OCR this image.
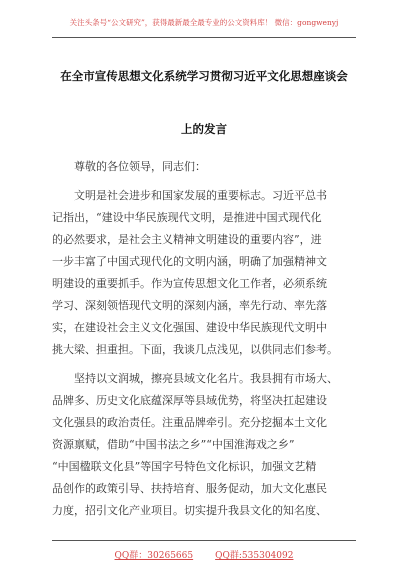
关注头条号“公文研究”，获得最新最全最专业的公文资料库！ 微信：gongwenyj
在全市宣传思想文化系统学习贯彻习近平文化思想座谈会
上的发言
尊敬的各位领导，同志们：
文明是社会进步和国家发展的重要标志。习近平总书
记指出，“建设中华民族现代文明，是推进中国式现代化
的必然要求，是社会主义精神文明建设的重要内容”，进
一步丰富了中国式现代化的文明内涵，明确了加强精神文
明建设的重要抓手。作为宣传思想文化工作者，必须系统
学习、深刻领悟现代文明的深刻内涵，率先行动、率先落
实，在建设社会主义文化强国、建设中华民族现代文明中
挑大梁、担重担。下面，我谈几点浅见，以供同志们参考。
坚持以文润城，擦亮县域文化名片。我县拥有市场大、
品牌多、历史文化底蕴深厚等县域优势，将坚决扛起建设
文化强县的政治责任。注重品牌牵引。充分挖掘本土文化
资源禀赋，借助“中国书法之乡”“中国淮海戏之乡”
“中国楹联文化县”等国字号特色文化标识，加强文艺精
品创作的政策引导、扶持培育、服务促动，加大文化惠民
力度，招引文化产业项目。切实提升我县文化的知名度、
QQ群：30265665 QQ群:535304092
